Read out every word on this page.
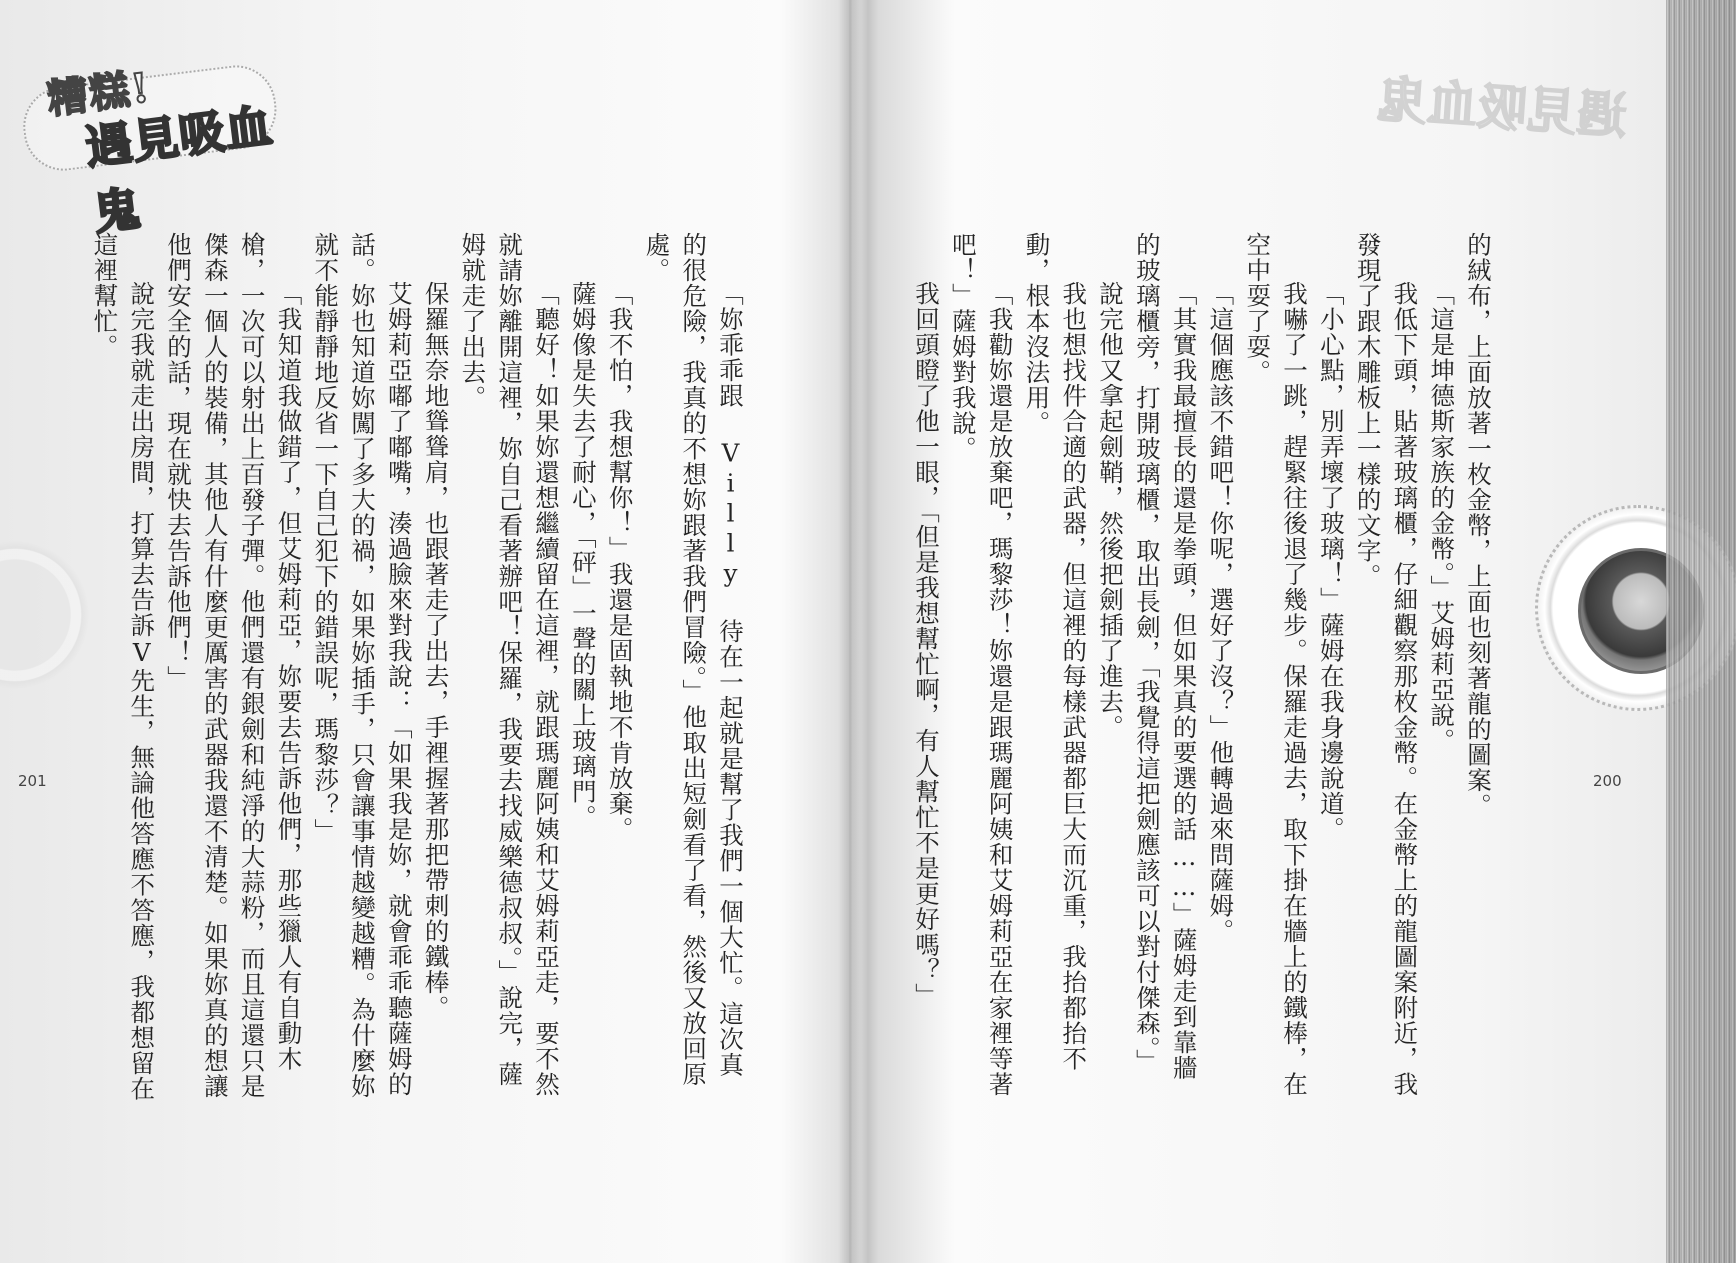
糟糕!
遇見吸血鬼

「妳乖乖跟 Villy 待在一起就是幫了我們一個大忙。這次真的很危險，我真的不想妳跟著我們冒險。」他取出短劍看了看，然後又放回原處。

「我不怕，我想幫你！」我還是固執地不肯放棄。

薩姆像是失去了耐心，「砰」一聲的關上玻璃門。

「聽好！如果妳還想繼續留在這裡，就跟瑪麗阿姨和艾姆莉亞走，要不然就請妳離開這裡，妳自己看著辦吧！保羅，我要去找威樂德叔叔。」說完，薩姆就走了出去。

保羅無奈地聳聳肩，也跟著走了出去，手裡握著那把帶刺的鐵棒。

艾姆莉亞嘟了嘟嘴，湊過臉來對我說：「如果我是妳，就會乖乖聽薩姆的話。妳也知道妳闖了多大的禍，如果妳插手，只會讓事情越變越糟。為什麼妳就不能靜靜地反省一下自己犯下的錯誤呢，瑪黎莎？」

「我知道我做錯了，但艾姆莉亞，妳要去告訴他們，那些獵人有自動木槍，一次可以射出上百發子彈。他們還有銀劍和純淨的大蒜粉，而且這還只是傑森一個人的裝備，其他人有什麼更厲害的武器我還不清楚。如果妳真的想讓他們安全的話，現在就快去告訴他們！」

說完我就走出房間，打算去告訴V先生，無論他答應不答應，我都想留在這裡幫忙。

201
遇見吸血鬼

的絨布，上面放著一枚金幣，上面也刻著龍的圖案。

「這是坤德斯家族的金幣。」艾姆莉亞說。

我低下頭，貼著玻璃櫃，仔細觀察那枚金幣。在金幣上的龍圖案附近，我發現了跟木雕板上一樣的文字。

「小心點，別弄壞了玻璃！」薩姆在我身邊說道。

我嚇了一跳，趕緊往後退了幾步。保羅走過去，取下掛在牆上的鐵棒，在空中耍了耍。

「這個應該不錯吧！你呢，選好了沒？」他轉過來問薩姆。

「其實我最擅長的還是拳頭，但如果真的要選的話……」薩姆走到靠牆的玻璃櫃旁，打開玻璃櫃，取出長劍，「我覺得這把劍應該可以對付傑森。」

說完他又拿起劍鞘，然後把劍插了進去。

我也想找件合適的武器，但這裡的每樣武器都巨大而沉重，我抬都抬不動，根本沒法用。

「我勸妳還是放棄吧，瑪黎莎！妳還是跟瑪麗阿姨和艾姆莉亞在家裡等著吧！」薩姆對我說。

我回頭瞪了他一眼，「但是我想幫忙啊，有人幫忙不是更好嗎？」	200
